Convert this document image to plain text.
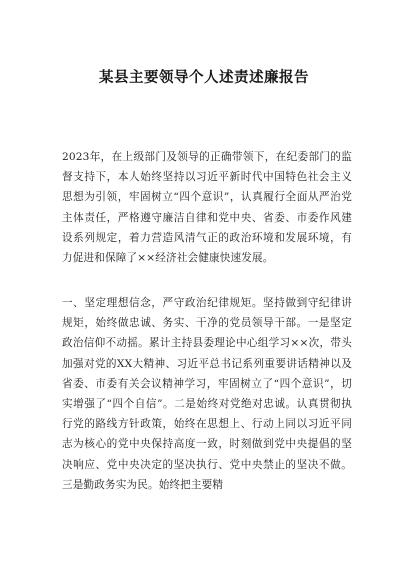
某县主要领导个人述责述廉报告
2023年，在上级部门及领导的正确带领下，在纪委部门的监督支持下，本人始终坚持以习近平新时代中国特色社会主义思想为引领，牢固树立“四个意识”，认真履行全面从严治党主体责任，严格遵守廉洁自律和党中央、省委、市委作风建设系列规定，着力营造风清气正的政治环境和发展环境，有力促进和保障了××经济社会健康快速发展。
一、坚定理想信念，严守政治纪律规矩。坚持做到守纪律讲规矩，始终做忠诚、务实、干净的党员领导干部。一是坚定政治信仰不动摇。累计主持县委理论中心组学习××次，带头加强对党的XX大精神、习近平总书记系列重要讲话精神以及省委、市委有关会议精神学习，牢固树立了“四个意识”，切实增强了“四个自信”。二是始终对党绝对忠诚。认真贯彻执行党的路线方针政策，始终在思想上、行动上同以习近平同志为核心的党中央保持高度一致，时刻做到党中央提倡的坚决响应、党中央决定的坚决执行、党中央禁止的坚决不做。三是勤政务实为民。始终把主要精
